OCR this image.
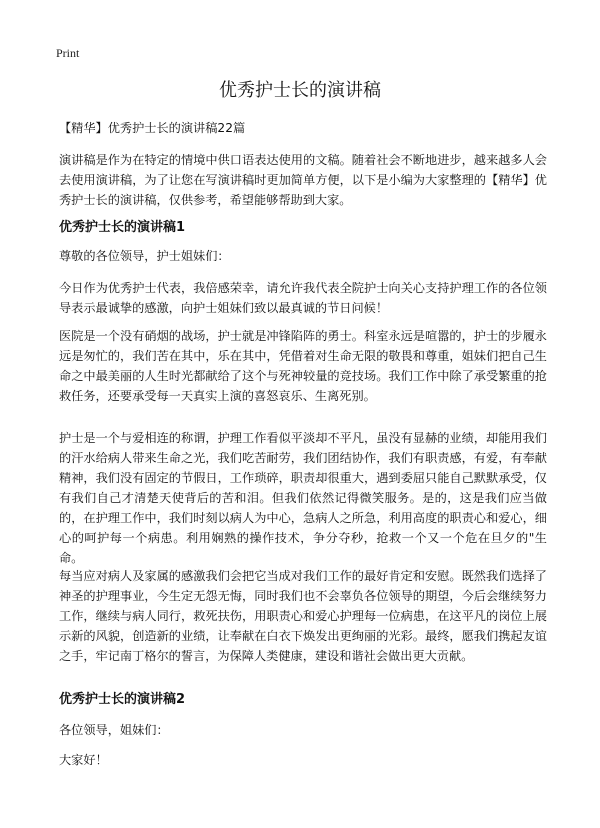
Print
优秀护士长的演讲稿

【精华】优秀护士长的演讲稿22篇

演讲稿是作为在特定的情境中供口语表达使用的文稿。随着社会不断地进步，越来越多人会去使用演讲稿，为了让您在写演讲稿时更加简单方便，以下是小编为大家整理的【精华】优秀护士长的演讲稿，仅供参考，希望能够帮助到大家。

优秀护士长的演讲稿1

尊敬的各位领导，护士姐妹们：

今日作为优秀护士代表，我倍感荣幸，请允许我代表全院护士向关心支持护理工作的各位领导表示最诚挚的感激，向护士姐妹们致以最真诚的节日问候！

医院是一个没有硝烟的战场，护士就是冲锋陷阵的勇士。科室永远是喧嚣的，护士的步履永远是匆忙的，我们苦在其中，乐在其中，凭借着对生命无限的敬畏和尊重，姐妹们把自己生命之中最美丽的人生时光都献给了这个与死神较量的竞技场。我们工作中除了承受繁重的抢救任务，还要承受每一天真实上演的喜怒哀乐、生离死别。

护士是一个与爱相连的称谓，护理工作看似平淡却不平凡，虽没有显赫的业绩，却能用我们的汗水给病人带来生命之光，我们吃苦耐劳，我们团结协作，我们有职责感，有爱，有奉献精神，我们没有固定的节假日，工作琐碎，职责却很重大，遇到委屈只能自己默默承受，仅有我们自己才清楚天使背后的苦和泪。但我们依然记得微笑服务。是的，这是我们应当做的，在护理工作中，我们时刻以病人为中心，急病人之所急，利用高度的职责心和爱心，细心的呵护每一个病患。利用娴熟的操作技术，争分夺秒，抢救一个又一个危在旦夕的"生命。

每当应对病人及家属的感激我们会把它当成对我们工作的最好肯定和安慰。既然我们选择了神圣的护理事业，今生定无怨无悔，同时我们也不会辜负各位领导的期望，今后会继续努力工作，继续与病人同行，救死扶伤，用职责心和爱心护理每一位病患，在这平凡的岗位上展示新的风貌，创造新的业绩，让奉献在白衣下焕发出更绚丽的光彩。最终，愿我们携起友谊之手，牢记南丁格尔的誓言，为保障人类健康，建设和谐社会做出更大贡献。

优秀护士长的演讲稿2

各位领导，姐妹们：

大家好！
